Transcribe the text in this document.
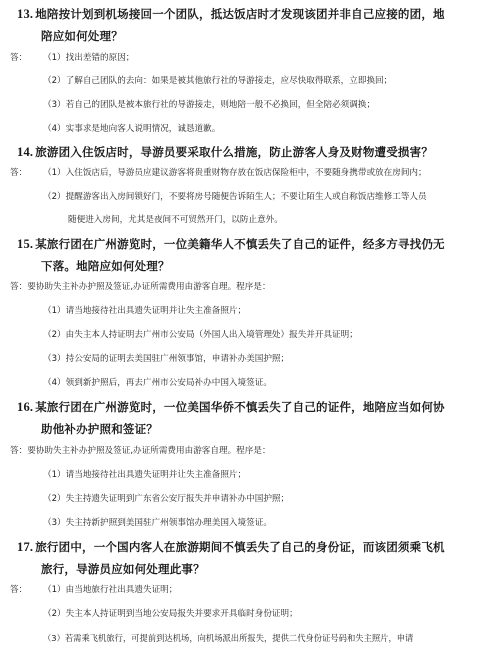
13. 地陪按计划到机场接回一个团队，抵达饭店时才发现该团并非自己应接的团，地
陪应如何处理？
答： （1）找出差错的原因；
（2）了解自己团队的去向：如果是被其他旅行社的导游接走，应尽快取得联系，立即换回；
（3）若自己的团队是被本旅行社的导游接走，则地陪一般不必换回，但全陪必须调换；
（4）实事求是地向客人说明情况，诚恳道歉。
14. 旅游团入住饭店时，导游员要采取什么措施，防止游客人身及财物遭受损害？
答： （1）入住饭店后，导游员应建议游客将贵重财物存放在饭店保险柜中，不要随身携带或放在房间内；
（2）提醒游客出入房间锁好门，不要将房号随便告诉陌生人；不要让陌生人或自称饭店维修工等人员
随便进入房间，尤其是夜间不可贸然开门，以防止意外。
15. 某旅行团在广州游览时，一位美籍华人不慎丢失了自己的证件，经多方寻找仍无
下落。地陪应如何处理？
答：要协助失主补办护照及签证,办证所需费用由游客自理。程序是：
（1）请当地接待社出具遗失证明并让失主准备照片；
（2）由失主本人持证明去广州市公安局（外国人出入境管理处）报失并开具证明；
（3）持公安局的证明去美国驻广州领事馆，申请补办美国护照；
（4）领到新护照后，再去广州市公安局补办中国入境签证。
16. 某旅行团在广州游览时，一位美国华侨不慎丢失了自己的证件，地陪应当如何协
助他补办护照和签证？
答：要协助失主补办护照及签证,办证所需费用由游客自理。程序是：
（1）请当地接待社出具遗失证明并让失主准备照片；
（2）失主持遗失证明到广东省公安厅报失并申请补办中国护照；
（3）失主持新护照到美国驻广州领事馆办理美国入境签证。
17. 旅行团中，一个国内客人在旅游期间不慎丢失了自己的身份证，而该团须乘飞机
旅行，导游员应如何处理此事？
答： （1）由当地旅行社出具遗失证明；
（2）失主本人持证明到当地公安局报失并要求开具临时身份证明；
（3）若需乘飞机旅行，可提前到达机场，向机场派出所报失，提供二代身份证号码和失主照片，申请
